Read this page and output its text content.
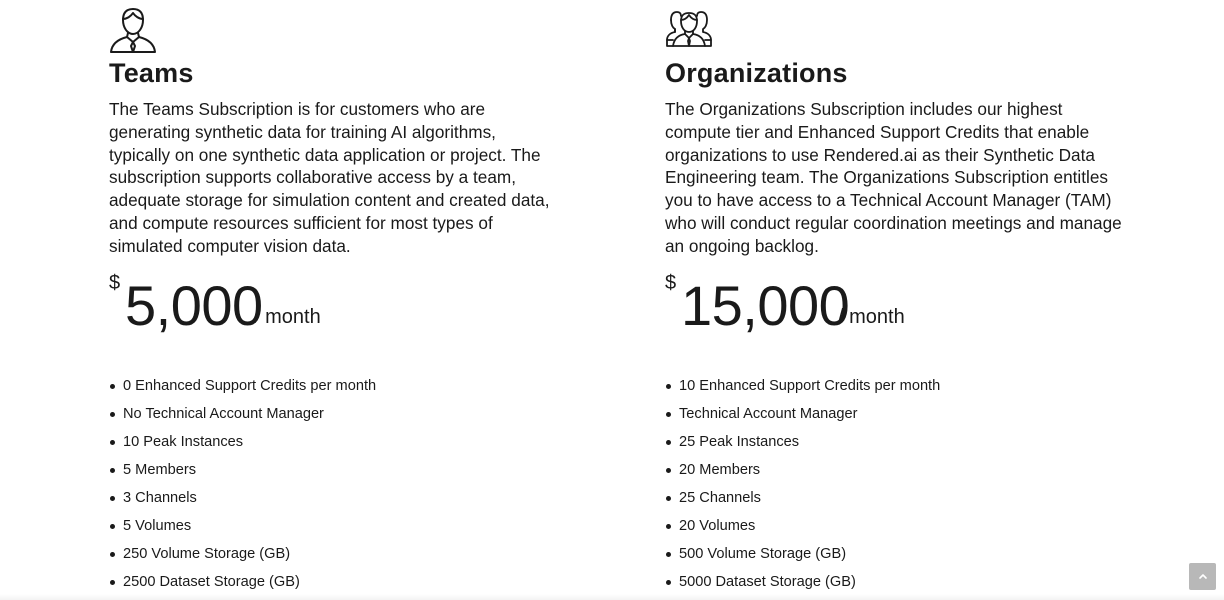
Teams

The Teams Subscription is for customers who are generating synthetic data for training AI algorithms, typically on one synthetic data application or project. The subscription supports collaborative access by a team, adequate storage for simulation content and created data, and compute resources sufficient for most types of simulated computer vision data.

$ 5,000
/ month
0 Enhanced Support Credits per month
No Technical Account Manager
10 Peak Instances
5 Members
3 Channels
5 Volumes
250 Volume Storage (GB)
2500 Dataset Storage (GB)
Organizations

The Organizations Subscription includes our highest compute tier and Enhanced Support Credits that enable organizations to use Rendered.ai as their Synthetic Data Engineering team. The Organizations Subscription entitles you to have access to a Technical Account Manager (TAM) who will conduct regular coordination meetings and manage an ongoing backlog.

$ 15,000
/ month
10 Enhanced Support Credits per month
Technical Account Manager
25 Peak Instances
20 Members
25 Channels
20 Volumes
500 Volume Storage (GB)
5000 Dataset Storage (GB)
